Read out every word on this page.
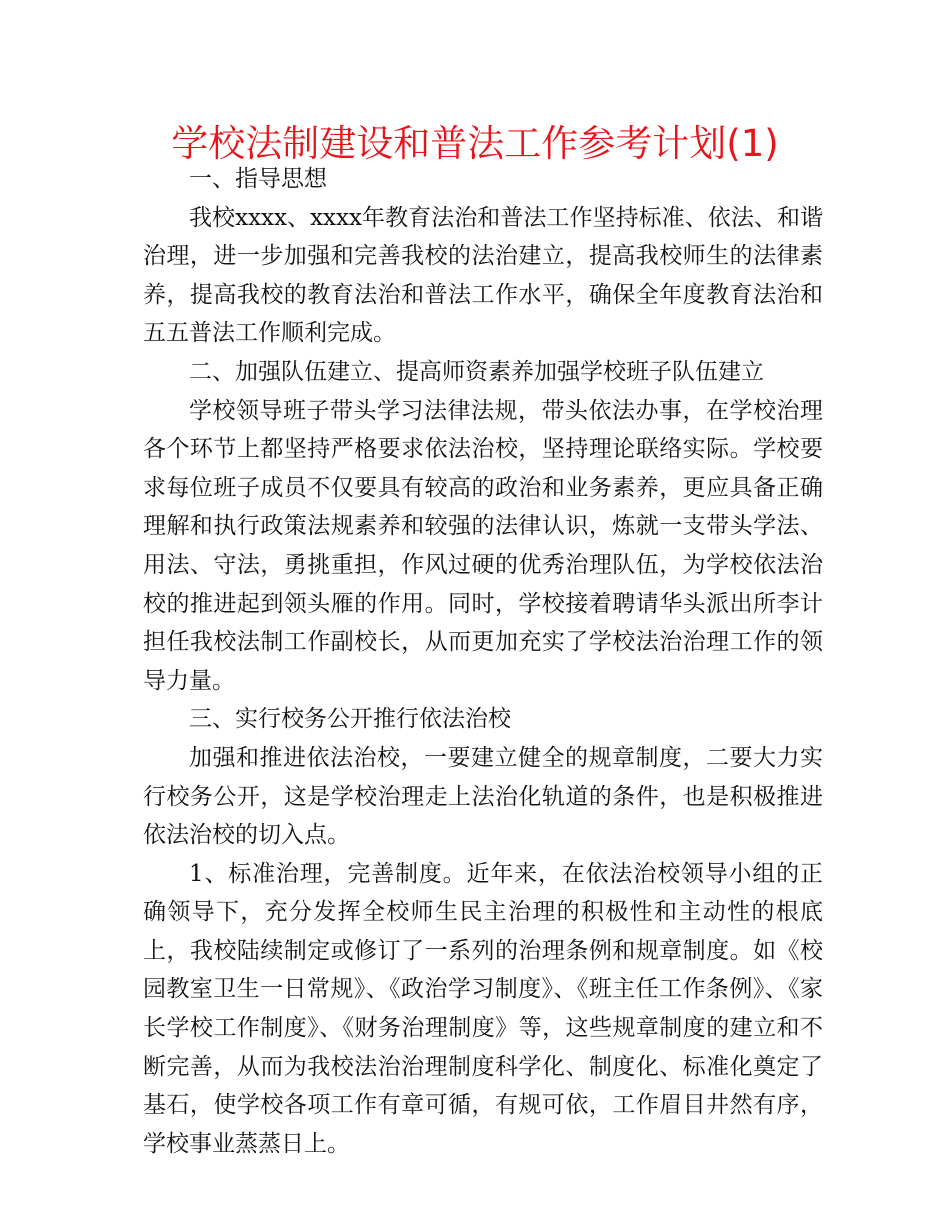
学校法制建设和普法工作参考计划(1)

一、指导思想

我校xxxx、xxxx年教育法治和普法工作坚持标准、依法、和谐治理，进一步加强和完善我校的法治建立，提高我校师生的法律素养，提高我校的教育法治和普法工作水平，确保全年度教育法治和五五普法工作顺利完成。

二、加强队伍建立、提高师资素养加强学校班子队伍建立

学校领导班子带头学习法律法规，带头依法办事，在学校治理各个环节上都坚持严格要求依法治校，坚持理论联络实际。学校要求每位班子成员不仅要具有较高的政治和业务素养，更应具备正确理解和执行政策法规素养和较强的法律认识，炼就一支带头学法、用法、守法，勇挑重担，作风过硬的优秀治理队伍，为学校依法治校的推进起到领头雁的作用。同时，学校接着聘请华头派出所李计担任我校法制工作副校长，从而更加充实了学校法治治理工作的领导力量。

三、实行校务公开推行依法治校

加强和推进依法治校，一要建立健全的规章制度，二要大力实行校务公开，这是学校治理走上法治化轨道的条件，也是积极推进依法治校的切入点。

1、标准治理，完善制度。近年来，在依法治校领导小组的正确领导下，充分发挥全校师生民主治理的积极性和主动性的根底上，我校陆续制定或修订了一系列的治理条例和规章制度。如《校园教室卫生一日常规》、《政治学习制度》、《班主任工作条例》、《家长学校工作制度》、《财务治理制度》等，这些规章制度的建立和不断完善，从而为我校法治治理制度科学化、制度化、标准化奠定了基石，使学校各项工作有章可循，有规可依，工作眉目井然有序，学校事业蒸蒸日上。
